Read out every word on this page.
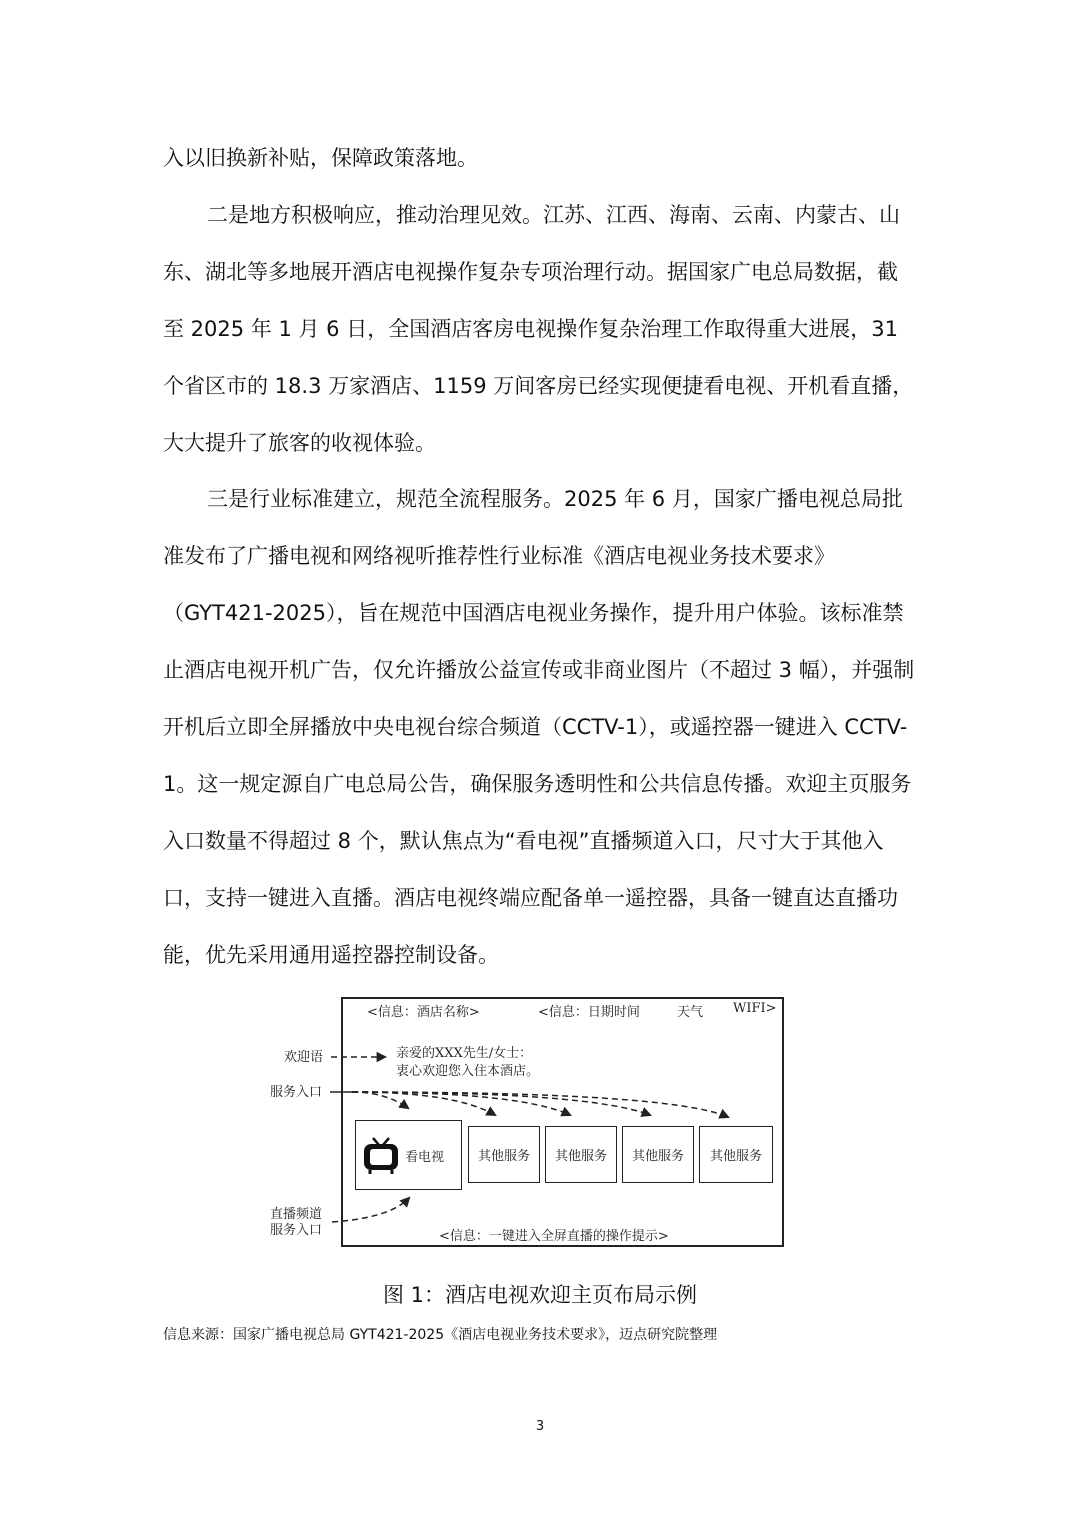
入以旧换新补贴，保障政策落地。

二是地方积极响应，推动治理见效。江苏、江西、海南、云南、内蒙古、山东、湖北等多地展开酒店电视操作复杂专项治理行动。据国家广电总局数据，截至 2025 年 1 月 6 日，全国酒店客房电视操作复杂治理工作取得重大进展，31 个省区市的 18.3 万家酒店、1159 万间客房已经实现便捷看电视、开机看直播，大大提升了旅客的收视体验。

三是行业标准建立，规范全流程服务。2025 年 6 月，国家广播电视总局批准发布了广播电视和网络视听推荐性行业标准《酒店电视业务技术要求》（GYT421-2025），旨在规范中国酒店电视业务操作，提升用户体验。该标准禁止酒店电视开机广告，仅允许播放公益宣传或非商业图片（不超过 3 幅），并强制开机后立即全屏播放中央电视台综合频道（CCTV-1），或遥控器一键进入 CCTV-1。这一规定源自广电总局公告，确保服务透明性和公共信息传播。欢迎主页服务入口数量不得超过 8 个，默认焦点为“看电视”直播频道入口，尺寸大于其他入口，支持一键进入直播。酒店电视终端应配备单一遥控器，具备一键直达直播功能，优先采用通用遥控器控制设备。

欢迎语
服务入口
直播频道
服务入口
<信息：酒店名称>	<信息：日期时间	天气 WIFI>
亲爱的XXX先生/女士：
衷心欢迎您入住本酒店。
看电视	其他服务	其他服务	其他服务	其他服务
<信息：一键进入全屏直播的操作提示>
图 1：酒店电视欢迎主页布局示例
信息来源：国家广播电视总局 GYT421-2025《酒店电视业务技术要求》，迈点研究院整理
3
